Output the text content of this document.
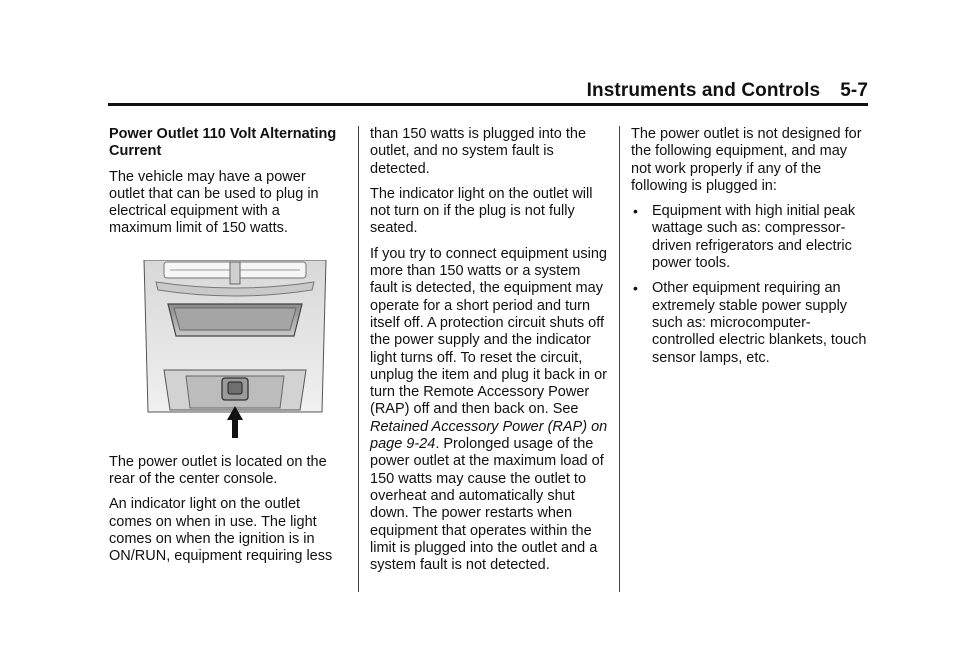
Instruments and Controls 5-7

Power Outlet 110 Volt Alternating Current

The vehicle may have a power outlet that can be used to plug in electrical equipment with a maximum limit of 150 watts.

The power outlet is located on the rear of the center console.

An indicator light on the outlet comes on when in use. The light comes on when the ignition is in ON/RUN, equipment requiring less

than 150 watts is plugged into the outlet, and no system fault is detected.

The indicator light on the outlet will not turn on if the plug is not fully seated.

If you try to connect equipment using more than 150 watts or a system fault is detected, the equipment may operate for a short period and turn itself off. A protection circuit shuts off the power supply and the indicator light turns off. To reset the circuit, unplug the item and plug it back in or turn the Remote Accessory Power (RAP) off and then back on. See Retained Accessory Power (RAP) on page 9-24. Prolonged usage of the power outlet at the maximum load of 150 watts may cause the outlet to overheat and automatically shut down. The power restarts when equipment that operates within the limit is plugged into the outlet and a system fault is not detected.

The power outlet is not designed for the following equipment, and may not work properly if any of the following is plugged in:

• Equipment with high initial peak wattage such as: compressor-driven refrigerators and electric power tools.
• Other equipment requiring an extremely stable power supply such as: microcomputer-controlled electric blankets, touch sensor lamps, etc.
